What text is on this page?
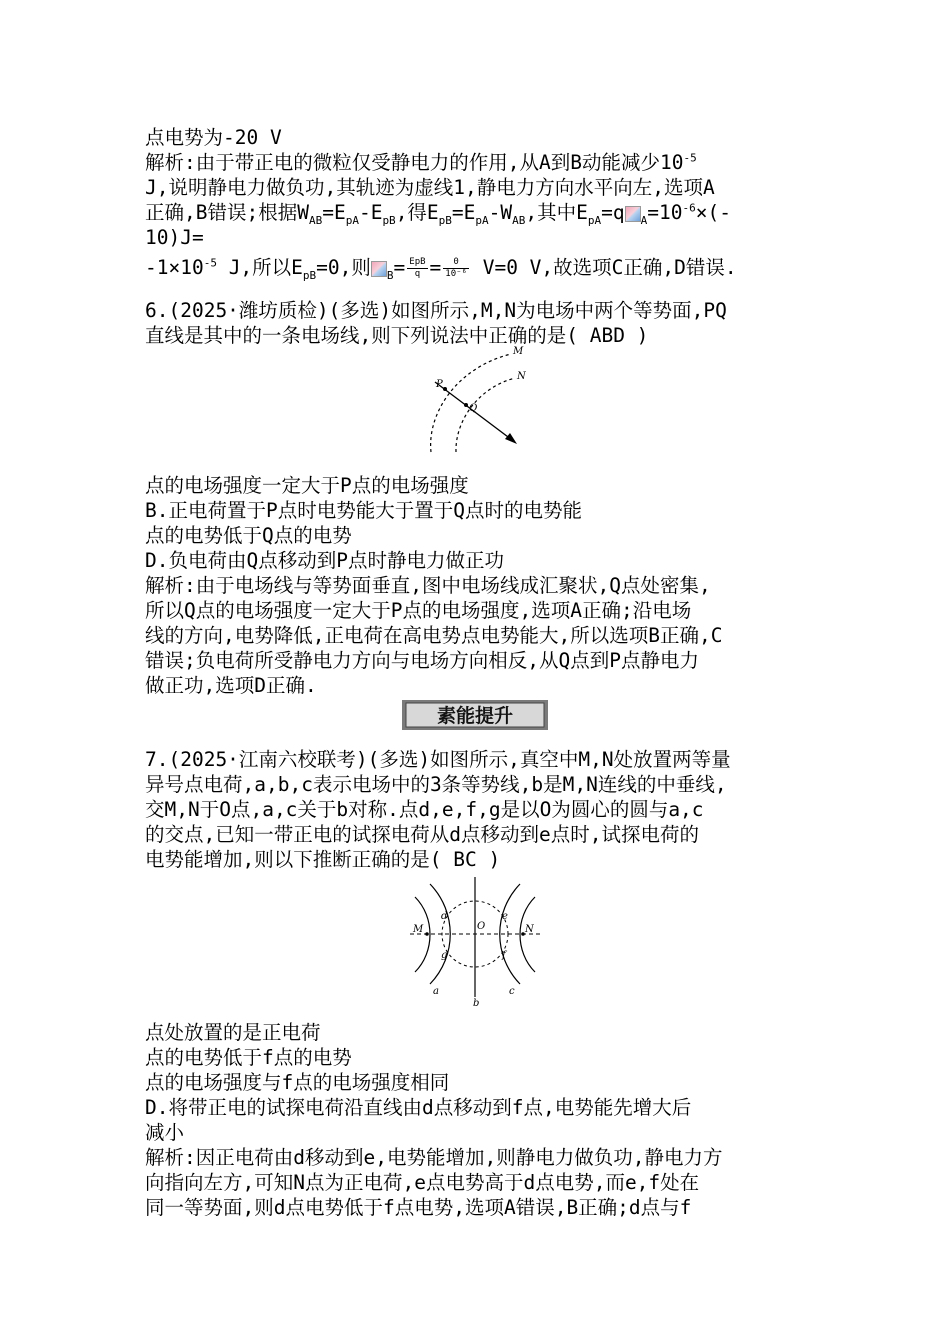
点电势为-20 V
解析:由于带正电的微粒仅受静电力的作用,从A到B动能减少$10^{-5}$
J,说明静电力做负功,其轨迹为虚线1,静电力方向水平向左,选项A
正确,B错误;根据$W_{AB}=E_{pA}-E_{pB}$,得$E_{pB}=E_{pA}-W_{AB}$,其中$E_{pA}=q$ $_A=10^{-6}\times(-$
10)J=
$-1\times 10^{-5}$ J,所以$E_{pB}=0$,则 $_B= \frac{\text{EpB}}{q} = \frac{0}{\text{10⁻⁶}} V=0$ V,故选项C正确,D错误.
6.(2025·潍坊质检)(多选)如图所示,M,N为电场中两个等势面,PQ
直线是其中的一条电场线,则下列说法中正确的是( ABD )
M
N
P
Q
点的电场强度一定大于P点的电场强度
B.正电荷置于P点时电势能大于置于Q点时的电势能
点的电势低于Q点的电势
D.负电荷由Q点移动到P点时静电力做正功
解析:由于电场线与等势面垂直,图中电场线成汇聚状,Q点处密集,
所以Q点的电场强度一定大于P点的电场强度,选项A正确;沿电场
线的方向,电势降低,正电荷在高电势点电势能大,所以选项B正确,C
错误;负电荷所受静电力方向与电场方向相反,从Q点到P点静电力
做正功,选项D正确.
素能提升
7.(2025·江南六校联考)(多选)如图所示,真空中M,N处放置两等量
异号点电荷,a,b,c表示电场中的3条等势线,b是M,N连线的中垂线,
交M,N于O点,a,c关于b对称.点d,e,f,g是以O为圆心的圆与a,c
的交点,已知一带正电的试探电荷从d点移动到e点时,试探电荷的
电势能增加,则以下推断正确的是( BC )
M	N
O
d	e
f
g
a
b
c
点处放置的是正电荷
点的电势低于f点的电势
点的电场强度与f点的电场强度相同
D.将带正电的试探电荷沿直线由d点移动到f点,电势能先增大后
减小
解析:因正电荷由d移动到e,电势能增加,则静电力做负功,静电力方
向指向左方,可知N点为正电荷,e点电势高于d点电势,而e,f处在
同一等势面,则d点电势低于f点电势,选项A错误,B正确;d点与f
